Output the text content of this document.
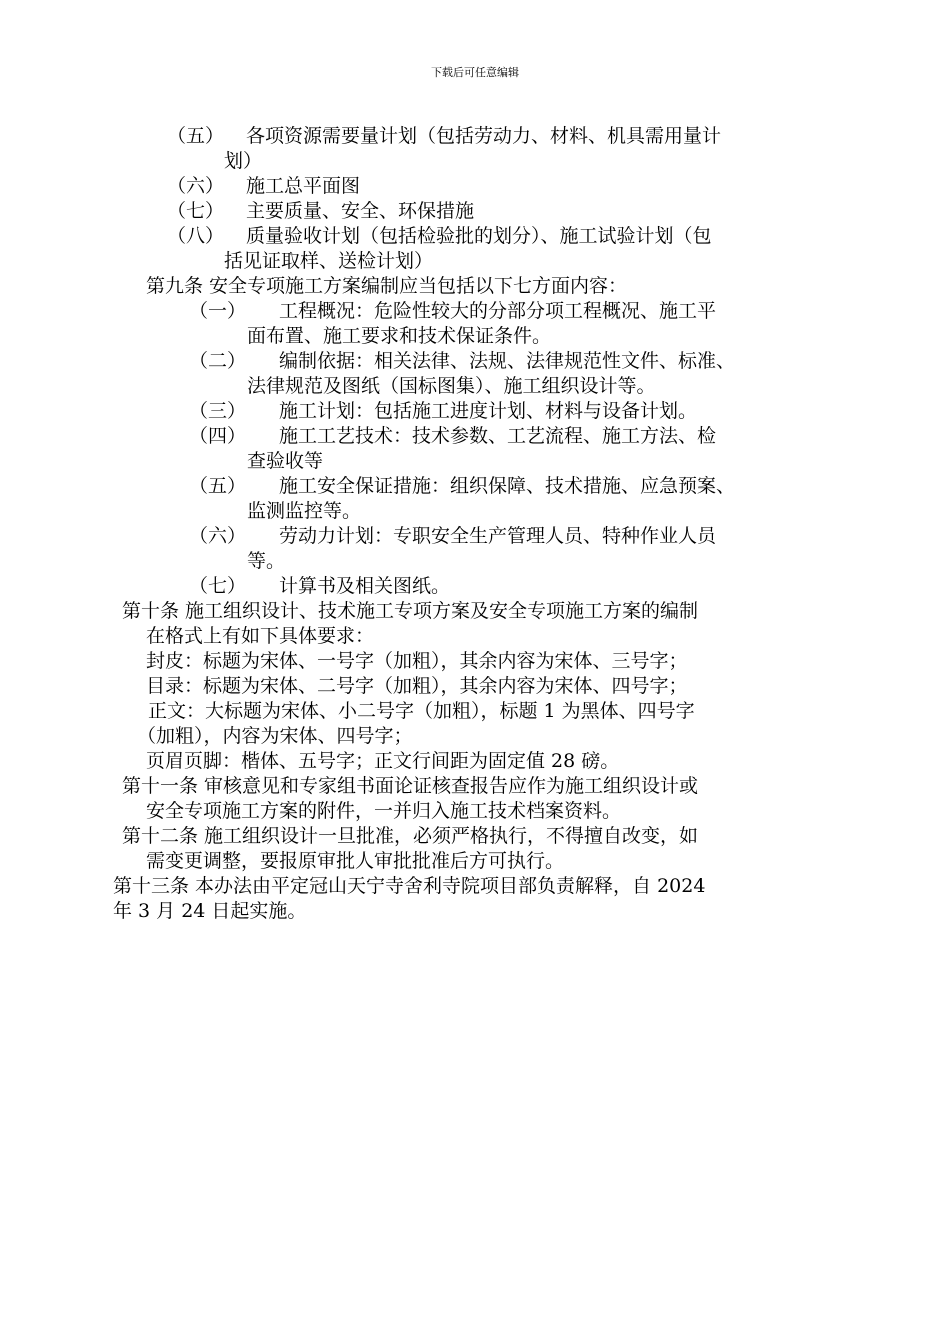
下载后可任意编辑
（五） 各项资源需要量计划（包括劳动力、材料、机具需用量计
划）
（六） 施工总平面图
（七） 主要质量、安全、环保措施
（八） 质量验收计划（包括检验批的划分）、施工试验计划（包
括见证取样、送检计划）
第九条 安全专项施工方案编制应当包括以下七方面内容：
（一） 工程概况：危险性较大的分部分项工程概况、施工平
面布置、施工要求和技术保证条件。
（二） 编制依据：相关法律、法规、法律规范性文件、标准、
法律规范及图纸（国标图集）、施工组织设计等。
（三） 施工计划：包括施工进度计划、材料与设备计划。
（四） 施工工艺技术：技术参数、工艺流程、施工方法、检
查验收等
（五） 施工安全保证措施：组织保障、技术措施、应急预案、
监测监控等。
（六） 劳动力计划：专职安全生产管理人员、特种作业人员
等。
（七） 计算书及相关图纸。
第十条 施工组织设计、技术施工专项方案及安全专项施工方案的编制
在格式上有如下具体要求：
封皮：标题为宋体、一号字（加粗），其余内容为宋体、三号字；
目录：标题为宋体、二号字（加粗），其余内容为宋体、四号字；
正文：大标题为宋体、小二号字（加粗），标题 1 为黑体、四号字
（加粗），内容为宋体、四号字；
页眉页脚：楷体、五号字；正文行间距为固定值 28 磅。
第十一条 审核意见和专家组书面论证核查报告应作为施工组织设计或
安全专项施工方案的附件，一并归入施工技术档案资料。
第十二条 施工组织设计一旦批准，必须严格执行，不得擅自改变，如
需变更调整，要报原审批人审批批准后方可执行。
第十三条 本办法由平定冠山天宁寺舍利寺院项目部负责解释，自 2024
年 3 月 24 日起实施。
